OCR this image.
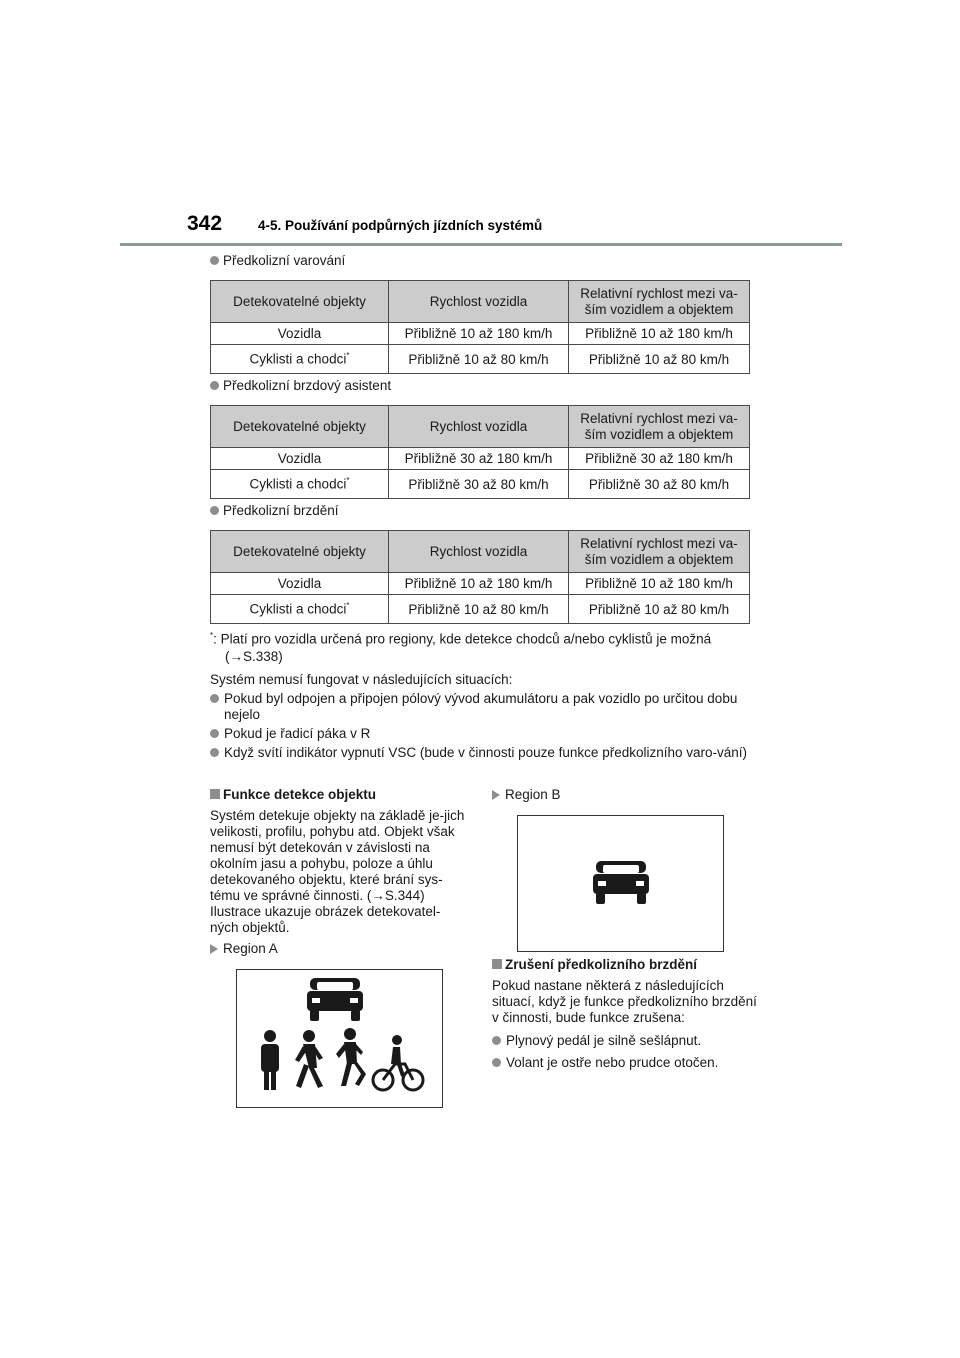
342	4-5. Používání podpůrných jízdních systémů
Předkolizní varování
Detekovatelné objekty	Rychlost vozidla	Relativní rychlost mezi va-ším vozidlem a objektem
Vozidla	Přibližně 10 až 180 km/h	Přibližně 10 až 180 km/h
Cyklisti a chodci*	Přibližně 10 až 80 km/h	Přibližně 10 až 80 km/h
Předkolizní brzdový asistent
Detekovatelné objekty	Rychlost vozidla	Relativní rychlost mezi va-ším vozidlem a objektem
Vozidla	Přibližně 30 až 180 km/h	Přibližně 30 až 180 km/h
Cyklisti a chodci*	Přibližně 30 až 80 km/h	Přibližně 30 až 80 km/h
Předkolizní brzdění
Detekovatelné objekty	Rychlost vozidla	Relativní rychlost mezi va-ším vozidlem a objektem
Vozidla	Přibližně 10 až 180 km/h	Přibližně 10 až 180 km/h
Cyklisti a chodci*	Přibližně 10 až 80 km/h	Přibližně 10 až 80 km/h
*: Platí pro vozidla určená pro regiony, kde detekce chodců a/nebo cyklistů je možná
(→S.338)
Systém nemusí fungovat v následujících situacích:
Pokud byl odpojen a připojen pólový vývod akumulátoru a pak vozidlo po určitou dobu nejelo
Pokud je řadicí páka v R
Když svítí indikátor vypnutí VSC (bude v činnosti pouze funkce předkolizního varo-vání)
Funkce detekce objektu
Systém detekuje objekty na základě je-jich velikosti, profilu, pohybu atd. Objekt však nemusí být detekován v závislosti na okolním jasu a pohybu, poloze a úhlu detekovaného objektu, které brání sys-tému ve správné činnosti. (→S.344) Ilustrace ukazuje obrázek detekovatel-ných objektů.
Region A
Region B
Zrušení předkolizního brzdění
Pokud nastane některá z následujících situací, když je funkce předkolizního brzdění v činnosti, bude funkce zrušena:
Plynový pedál je silně sešlápnut.
Volant je ostře nebo prudce otočen.
